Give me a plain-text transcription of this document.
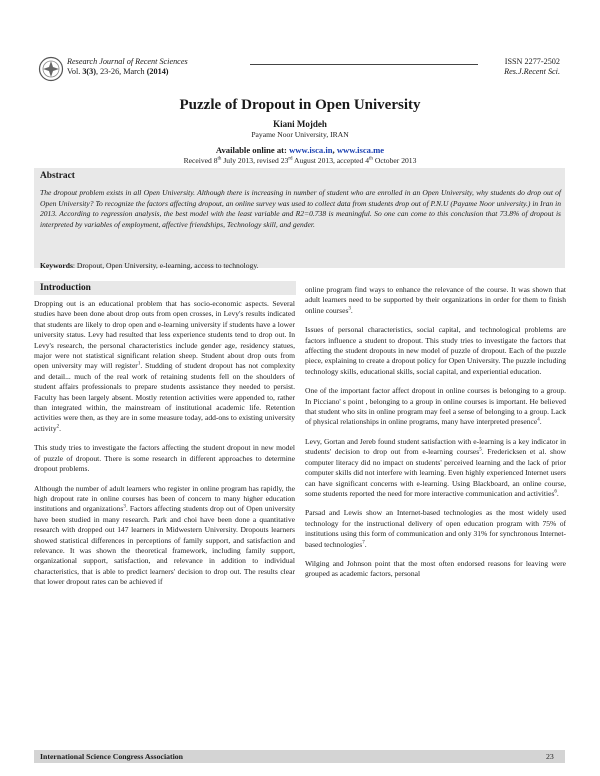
Research Journal of Recent Sciences
Vol. 3(3), 23-26, March (2014)
ISSN 2277-2502
Res.J.Recent Sci.
Puzzle of Dropout in Open University
Kiani Mojdeh
Payame Noor University, IRAN
Available online at: www.isca.in, www.isca.me
Received 8th July 2013, revised 23rd August 2013, accepted 4th October 2013
Abstract
The dropout problem exists in all Open University. Although there is increasing in number of student who are enrolled in an Open University, why students do drop out of Open University? To recognize the factors affecting dropout, an online survey was used to collect data from students drop out of P.N.U (Payame Noor university.) in Iran in 2013. According to regression analysis, the best model with the least variable and R2=0.738 is meaningful. So one can come to this conclusion that 73.8% of dropout is interpreted by variables of employment, affective friendships, Technology skill, and gender.
Keywords: Dropout, Open University, e-learning, access to technology.
Introduction

Dropping out is an educational problem that has socio-economic aspects. Several studies have been done about drop outs from open crosses, in Levy's results indicated that students are likely to drop open and e-learning university if students have a lower university status. Levy had resulted that less experience students tend to drop out. In Levy's research, the personal characteristics include gender age, residency statues, major were not statistical significant relation sheep. Student about drop outs from open university may will register$^1$. Studding of student dropout has not complexity and detail... much of the real work of retaining students fell on the shoulders of student affairs professionals to prepare students assistance they needed to persist. Faculty has been largely absent. Mostly retention activities were appended to, rather than integrated within, the mainstream of institutional academic life. Retention activities were then, as they are in some measure today, add-ons to existing university activity$^2$.

This study tries to investigate the factors affecting the student dropout in new model of puzzle of dropout. There is some research in different approaches to determine dropout problems.

Although the number of adult learners who register in online program has rapidly, the high dropout rate in online courses has been of concern to many higher education institutions and organizations$^3$. Factors affecting students drop out of Open university have been studied in many research. Park and choi have been done a quantitative research with dropped out 147 learners in Midwestern University. Dropouts learners showed statistical differences in perceptions of family support, and satisfaction and relevance. It was shown the theoretical framework, including family support, organizational support, satisfaction, and relevance in addition to individual characteristics, that is able to predict learners' decision to drop out. The results clear that lower dropout rates can be achieved if

online program find ways to enhance the relevance of the course. It was shown that adult learners need to be supported by their organizations in order for them to finish online courses$^3$.

Issues of personal characteristics, social capital, and technological problems are factors influence a student to dropout. This study tries to investigate the factors that affecting the student dropouts in new model of puzzle of dropout. Each of the puzzle piece, explaining to create a dropout policy for Open University. The puzzle including technology skills, educational skills, social capital, and experiential education.

One of the important factor affect dropout in online courses is belonging to a group. In Picciano' s point , belonging to a group in online courses is important. He believed that student who sits in online program may feel a sense of belonging to a group. Lack of physical relationships in online programs, many have interpreted presence$^4$.

Levy, Gortan and Jereb found student satisfaction with e-learning is a key indicator in students' decision to drop out from e-learning courses$^5$. Fredericksen et al. show computer literacy did no impact on students' perceived learning and the lack of prior computer skills did not interfere with learning. Even highly experienced Internet users can have significant concerns with e-learning. Using Blackboard, an online course, some students reported the need for more interactive communication and activities$^6$.

Parsad and Lewis show an Internet-based technologies as the most widely used technology for the instructional delivery of open education program with 75% of institutions using this form of communication and only 31% for synchronous Internet-based technologies$^7$.

Wilging and Johnson point that the most often endorsed reasons for leaving were grouped as academic factors, personal

International Science Congress Association	23
